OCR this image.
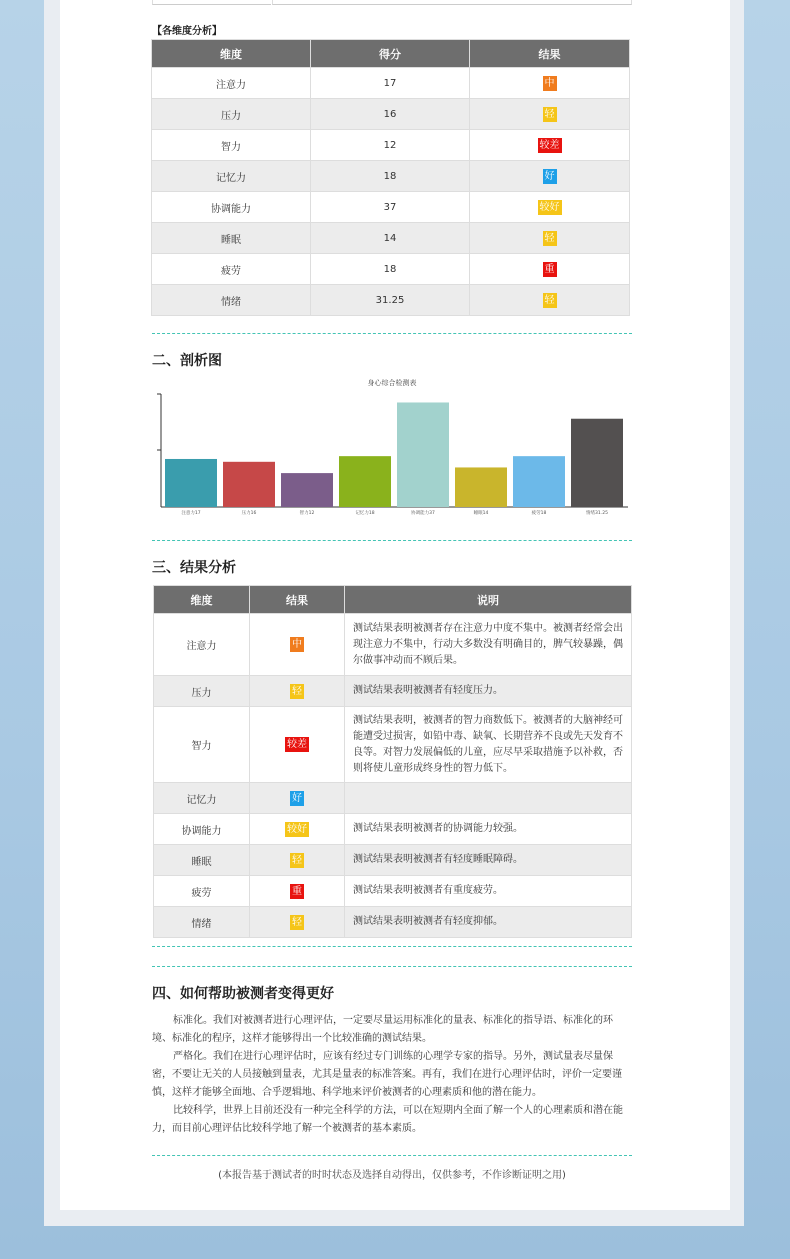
【各维度分析】
维度	得分	结果
注意力	17	中
压力	16	轻
智力	12	较差
记忆力	18	好
协调能力	37	较好
睡眠	14	轻
疲劳	18	重
情绪	31.25	轻
二、剖析图
身心综合检测表
注意力17	压力16	智力12	记忆力18	协调能力37	睡眠14	疲劳18	情绪31.25
三、结果分析
维度	结果	说明
注意力	中	测试结果表明被测者存在注意力中度不集中。被测者经常会出现注意力不集中，行动大多数没有明确目的，脾气较暴躁，偶尔做事冲动而不顾后果。
压力	轻	测试结果表明被测者有轻度压力。
智力	较差	测试结果表明，被测者的智力商数低下。被测者的大脑神经可能遭受过损害，如铅中毒、缺氧、长期营养不良或先天发育不良等。对智力发展偏低的儿童，应尽早采取措施予以补救，否则将使儿童形成终身性的智力低下。
记忆力	好	
协调能力	较好	测试结果表明被测者的协调能力较强。
睡眠	轻	测试结果表明被测者有轻度睡眠障碍。
疲劳	重	测试结果表明被测者有重度疲劳。
情绪	轻	测试结果表明被测者有轻度抑郁。
四、如何帮助被测者变得更好

标准化。我们对被测者进行心理评估，一定要尽量运用标准化的量表、标准化的指导语、标准化的环境、标准化的程序，这样才能够得出一个比较准确的测试结果。

严格化。我们在进行心理评估时，应该有经过专门训练的心理学专家的指导。另外，测试量表尽量保密，不要让无关的人员接触到量表，尤其是量表的标准答案。再有，我们在进行心理评估时，评价一定要谨慎，这样才能够全面地、合乎逻辑地、科学地来评价被测者的心理素质和他的潜在能力。

比较科学，世界上目前还没有一种完全科学的方法，可以在短期内全面了解一个人的心理素质和潜在能力，而目前心理评估比较科学地了解一个被测者的基本素质。

(本报告基于测试者的时时状态及选择自动得出，仅供参考，不作诊断证明之用)
